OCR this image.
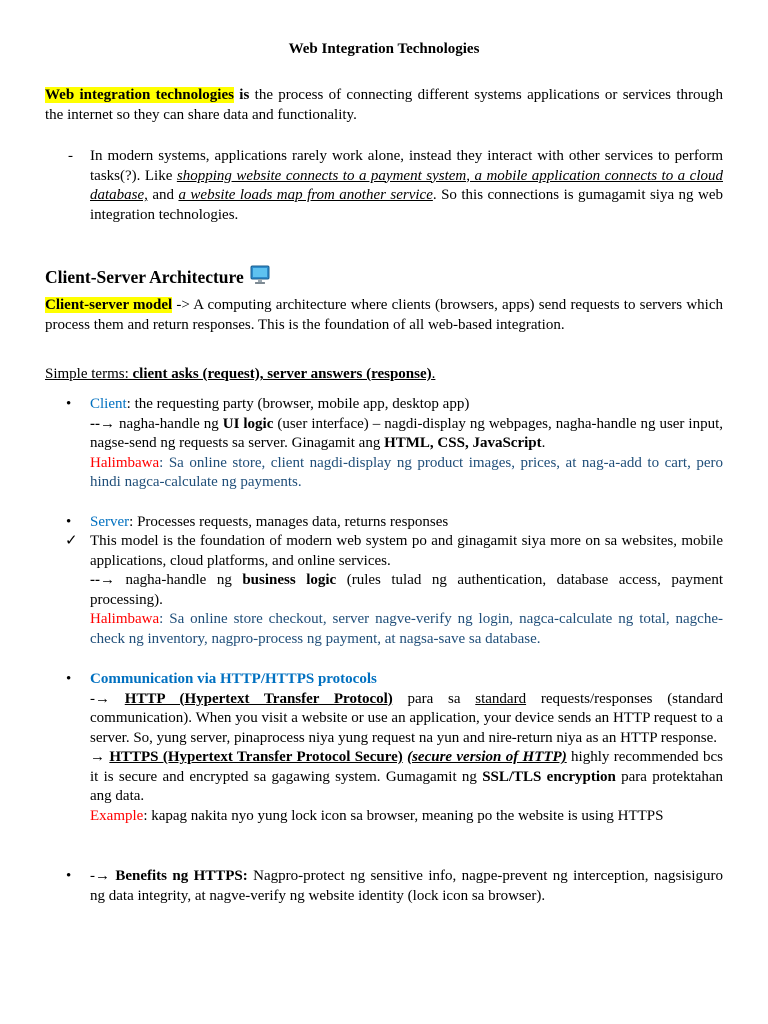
Web Integration Technologies

Web integration technologies is the process of connecting different systems applications or services through the internet so they can share data and functionality.

- In modern systems, applications rarely work alone, instead they interact with other services to perform tasks(?). Like shopping website connects to a payment system, a mobile application connects to a cloud database, and a website loads map from another service. So this connections is gumagamit siya ng web integration technologies.

Client-Server Architecture

Client-server model -> A computing architecture where clients (browsers, apps) send requests to servers which process them and return responses. This is the foundation of all web-based integration.

Simple terms: client asks (request), server answers (response).

• Client: the requesting party (browser, mobile app, desktop app)
--→ nagha-handle ng UI logic (user interface) – nagdi-display ng webpages, nagha-handle ng user input, nagse-send ng requests sa server. Ginagamit ang HTML, CSS, JavaScript.
Halimbawa: Sa online store, client nagdi-display ng product images, prices, at nag-a-add to cart, pero hindi nagca-calculate ng payments.

• Server: Processes requests, manages data, returns responses

✓ This model is the foundation of modern web system po and ginagamit siya more on sa websites, mobile applications, cloud platforms, and online services.
--→ nagha-handle ng business logic (rules tulad ng authentication, database access, payment processing).
Halimbawa: Sa online store checkout, server nagve-verify ng login, nagca-calculate ng total, nagche-check ng inventory, nagpro-process ng payment, at nagsa-save sa database.

• Communication via HTTP/HTTPS protocols
-→ HTTP (Hypertext Transfer Protocol) para sa standard requests/responses (standard communication). When you visit a website or use an application, your device sends an HTTP request to a server. So, yung server, pinaprocess niya yung request na yun and nire-return niya as an HTTP response.
→ HTTPS (Hypertext Transfer Protocol Secure) (secure version of HTTP) highly recommended bcs it is secure and encrypted sa gagawing system. Gumagamit ng SSL/TLS encryption para protektahan ang data.
Example: kapag nakita nyo yung lock icon sa browser, meaning po the website is using HTTPS

• -→ Benefits ng HTTPS: Nagpro-protect ng sensitive info, nagpe-prevent ng interception, nagsisiguro ng data integrity, at nagve-verify ng website identity (lock icon sa browser).
